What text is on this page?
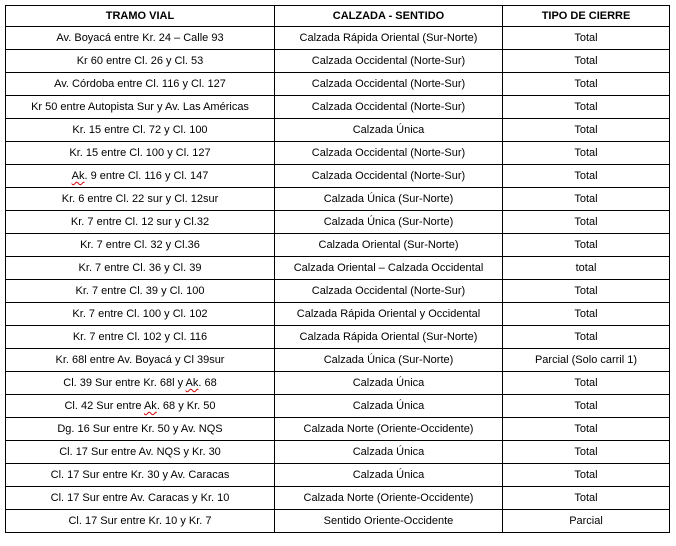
TRAMO VIAL	CALZADA - SENTIDO	TIPO DE CIERRE
Av. Boyacá entre Kr. 24 – Calle 93	Calzada Rápida Oriental (Sur-Norte)	Total
Kr 60 entre Cl. 26 y Cl. 53	Calzada Occidental (Norte-Sur)	Total
Av. Córdoba entre Cl. 116 y Cl. 127	Calzada Occidental (Norte-Sur)	Total
Kr 50 entre Autopista Sur y Av. Las Américas	Calzada Occidental (Norte-Sur)	Total
Kr. 15 entre Cl. 72 y Cl. 100	Calzada Única	Total
Kr. 15 entre Cl. 100 y Cl. 127	Calzada Occidental (Norte-Sur)	Total
Ak. 9 entre Cl. 116 y Cl. 147	Calzada Occidental (Norte-Sur)	Total
Kr. 6 entre Cl. 22 sur y Cl. 12sur	Calzada Única (Sur-Norte)	Total
Kr. 7 entre Cl. 12 sur y Cl.32	Calzada Única (Sur-Norte)	Total
Kr. 7 entre Cl. 32 y Cl.36	Calzada Oriental (Sur-Norte)	Total
Kr. 7 entre Cl. 36 y Cl. 39	Calzada Oriental – Calzada Occidental	total
Kr. 7 entre Cl. 39 y Cl. 100	Calzada Occidental (Norte-Sur)	Total
Kr. 7 entre Cl. 100 y Cl. 102	Calzada Rápida Oriental y Occidental	Total
Kr. 7 entre Cl. 102 y Cl. 116	Calzada Rápida Oriental (Sur-Norte)	Total
Kr. 68l entre Av. Boyacá y Cl 39sur	Calzada Única (Sur-Norte)	Parcial (Solo carril 1)
Cl. 39 Sur entre Kr. 68l y Ak. 68	Calzada Única	Total
Cl. 42 Sur entre Ak. 68 y Kr. 50	Calzada Única	Total
Dg. 16 Sur entre Kr. 50 y Av. NQS	Calzada Norte (Oriente-Occidente)	Total
Cl. 17 Sur entre Av. NQS y Kr. 30	Calzada Única	Total
Cl. 17 Sur entre Kr. 30 y Av. Caracas	Calzada Única	Total
Cl. 17 Sur entre Av. Caracas y Kr. 10	Calzada Norte (Oriente-Occidente)	Total
Cl. 17 Sur entre Kr. 10 y Kr. 7	Sentido Oriente-Occidente	Parcial
